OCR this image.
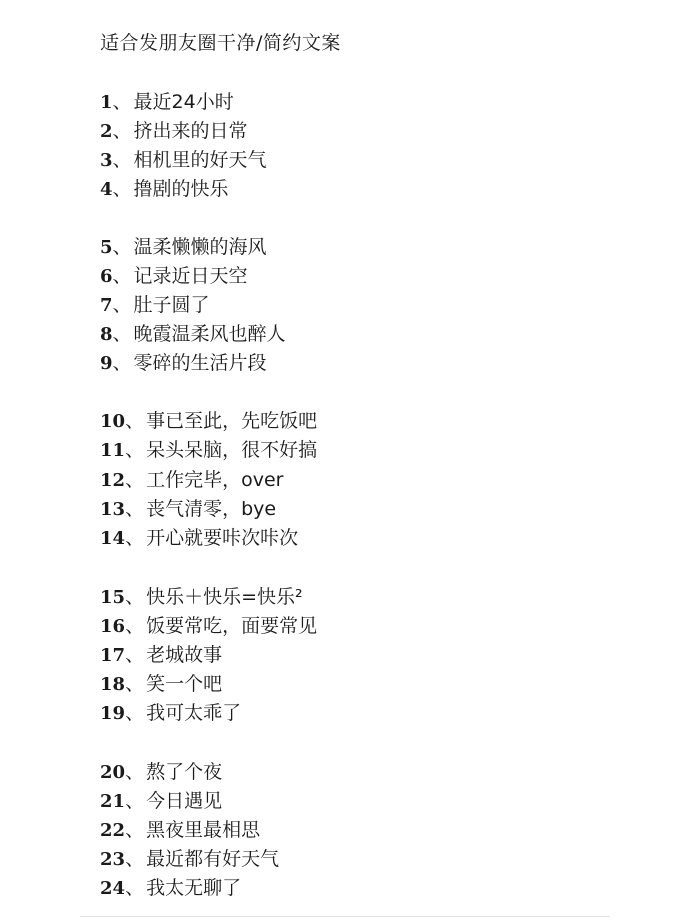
适合发朋友圈干净/简约文案
1、 最近24小时
2、 挤出来的日常
3、 相机里的好天气
4、 撸剧的快乐
5、 温柔懒懒的海风
6、 记录近日天空
7、 肚子圆了
8、 晚霞温柔风也醉人
9、 零碎的生活片段
10、 事已至此，先吃饭吧
11、 呆头呆脑，很不好搞
12、 工作完毕，over
13、 丧气清零，bye
14、 开心就要咔次咔次
15、 快乐＋快乐=快乐²
16、 饭要常吃，面要常见
17、 老城故事
18、 笑一个吧
19、 我可太乖了
20、 熬了个夜
21、 今日遇见
22、 黑夜里最相思
23、 最近都有好天气
24、 我太无聊了
